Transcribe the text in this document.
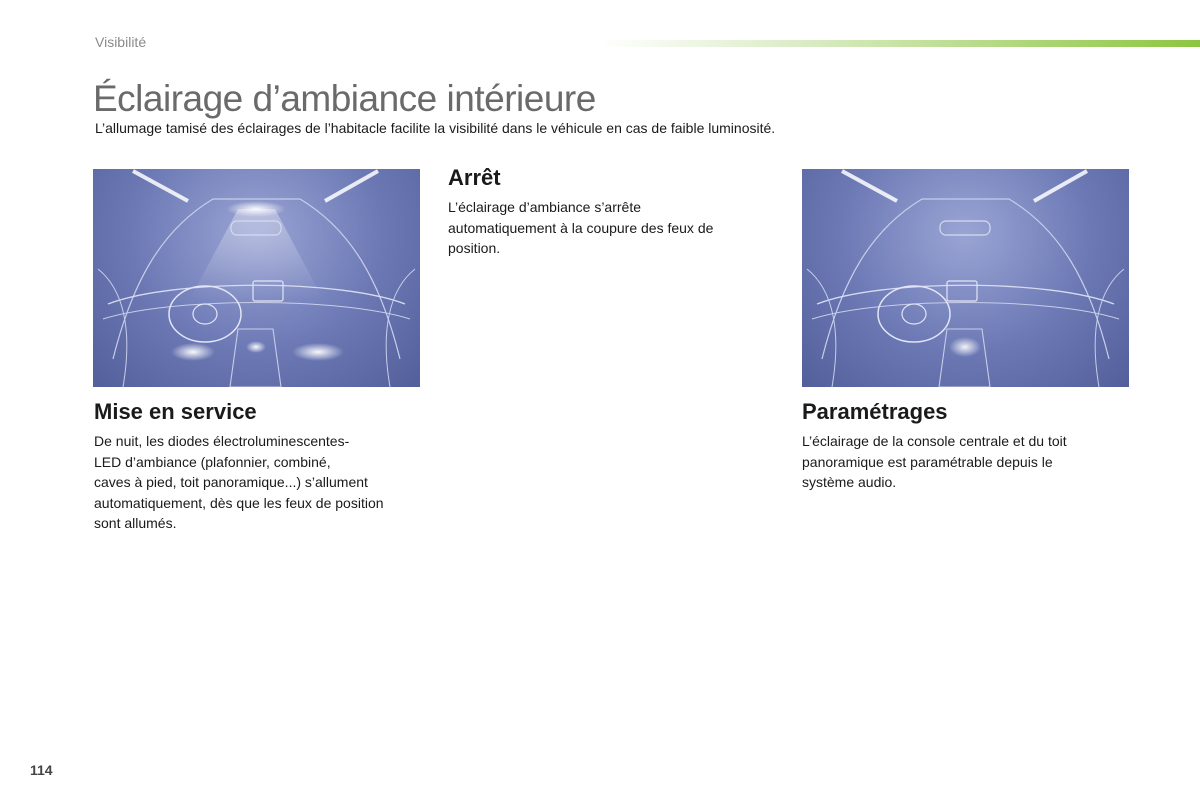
Visibilité
Éclairage d’ambiance intérieure
L’allumage tamisé des éclairages de l’habitacle facilite la visibilité dans le véhicule en cas de faible luminosité.
Arrêt
L’éclairage d’ambiance s’arrête
automatiquement à la coupure des feux de
position.
Mise en service
De nuit, les diodes électroluminescentes-
LED d’ambiance (plafonnier, combiné,
caves à pied, toit panoramique...) s’allument
automatiquement, dès que les feux de position
sont allumés.
Paramétrages
L’éclairage de la console centrale et du toit
panoramique est paramétrable depuis le
système audio.
114
